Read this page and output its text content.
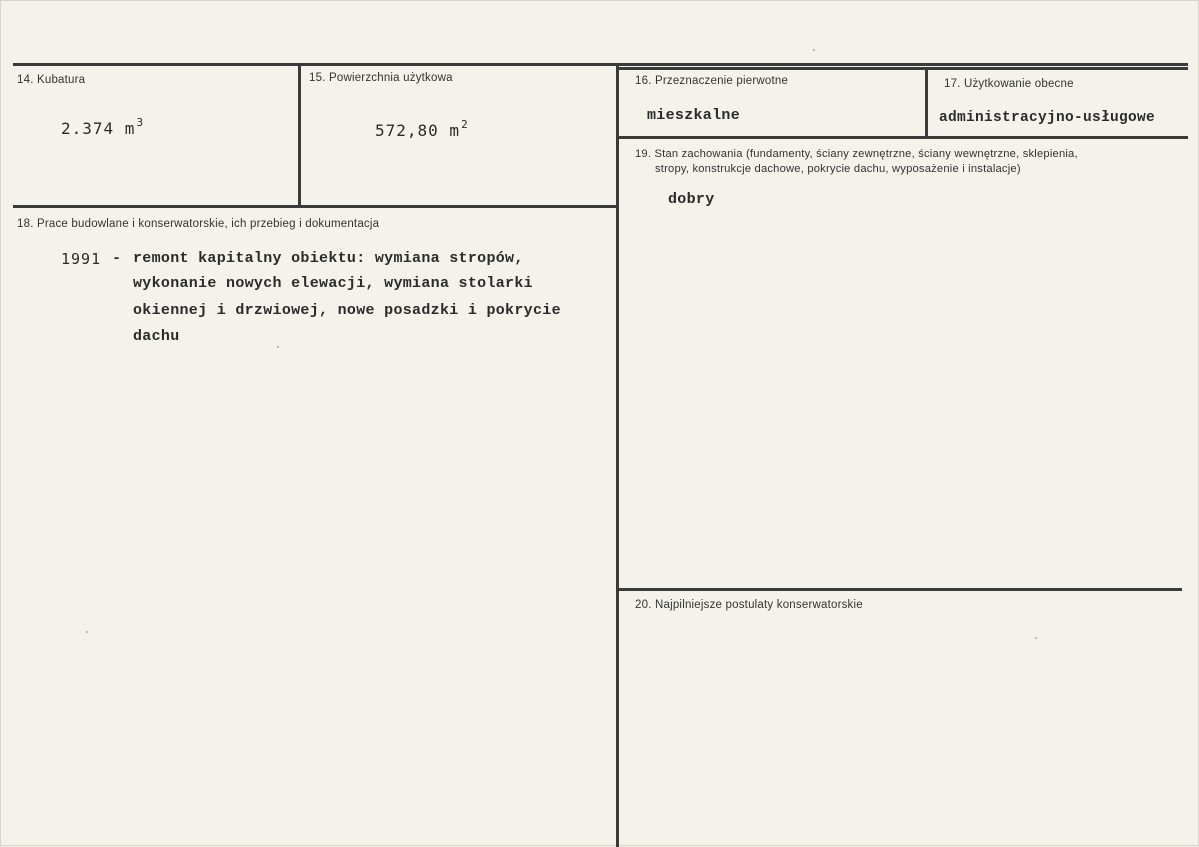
14. Kubatura
2.374 $m^3$
15. Powierzchnia użytkowa
572,80 $m^2$
16. Przeznaczenie pierwotne
mieszkalne
17. Użytkowanie obecne
administracyjno-usługowe
18. Prace budowlane i konserwatorskie, ich przebieg i dokumentacja
1991 - remont kapitalny obiektu: wymiana stropów,
wykonanie nowych elewacji, wymiana stolarki
okiennej i drzwiowej, nowe posadzki i pokrycie
dachu
19. Stan zachowania (fundamenty, ściany zewnętrzne, ściany wewnętrzne, sklepienia,
stropy, konstrukcje dachowe, pokrycie dachu, wyposażenie i instalacje)
dobry
20. Najpilniejsze postulaty konserwatorskie
